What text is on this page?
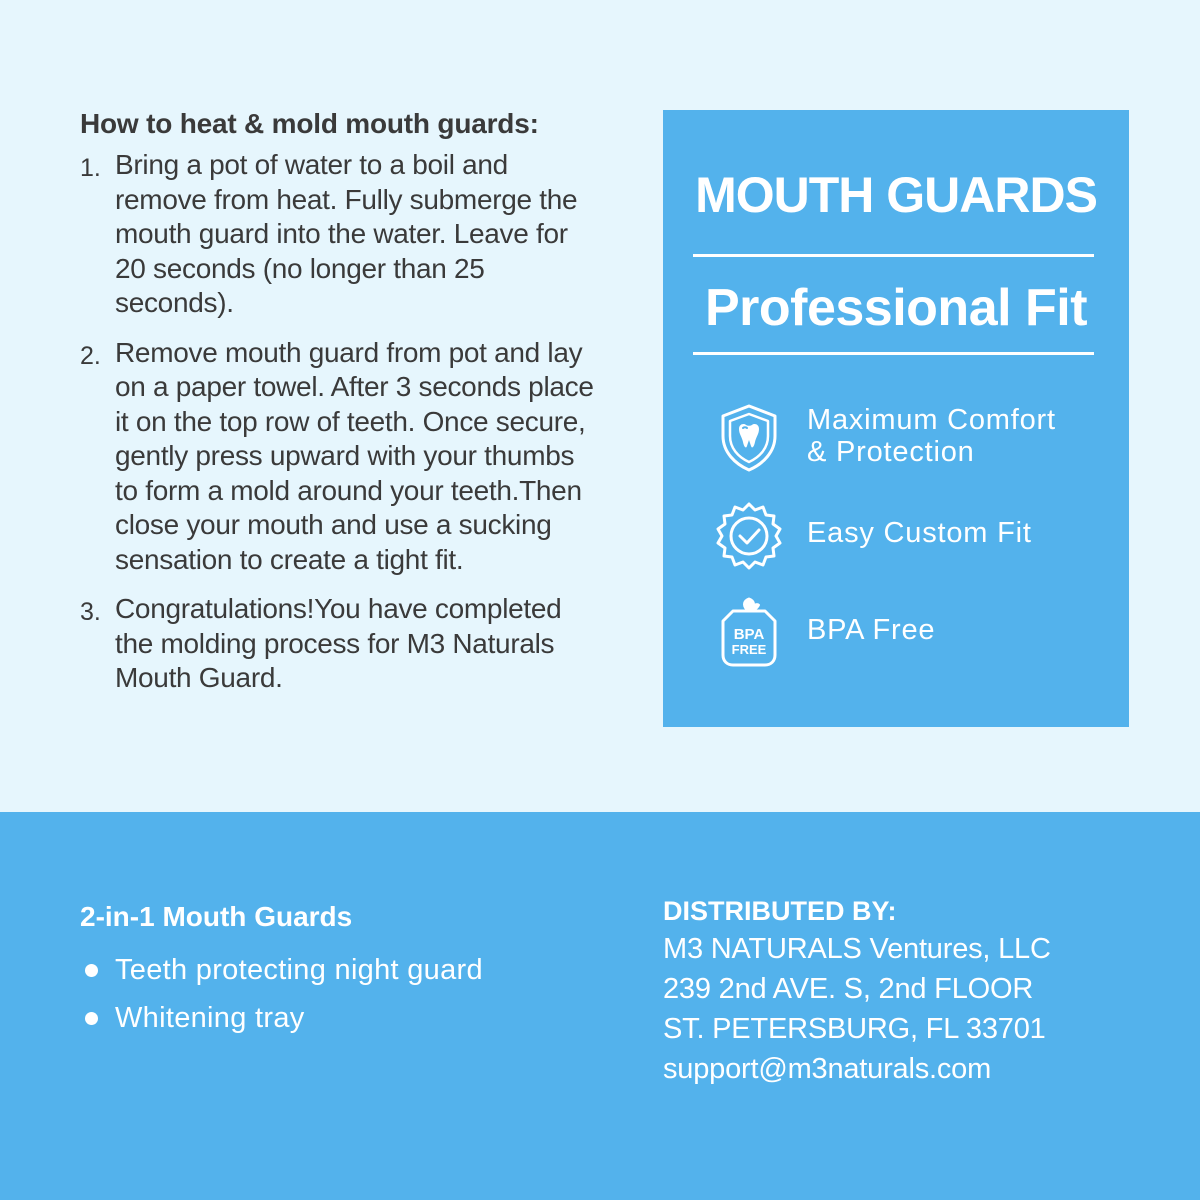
How to heat & mold mouth guards:
1. Bring a pot of water to a boil and remove from heat. Fully submerge the mouth guard into the water. Leave for 20 seconds (no longer than 25 seconds).
2. Remove mouth guard from pot and lay on a paper towel. After 3 seconds place it on the top row of teeth. Once secure, gently press upward with your thumbs to form a mold around your teeth.Then close your mouth and use a sucking sensation to create a tight fit.
3. Congratulations!You have completed the molding process for M3 Naturals Mouth Guard.
MOUTH GUARDS
Professional Fit
Maximum Comfort
& Protection
Easy Custom Fit
BPA
FREE
BPA Free
2-in-1 Mouth Guards
Teeth protecting night guard
Whitening tray
DISTRIBUTED BY:
M3 NATURALS Ventures, LLC
239 2nd AVE. S, 2nd FLOOR
ST. PETERSBURG, FL 33701
support@m3naturals.com
